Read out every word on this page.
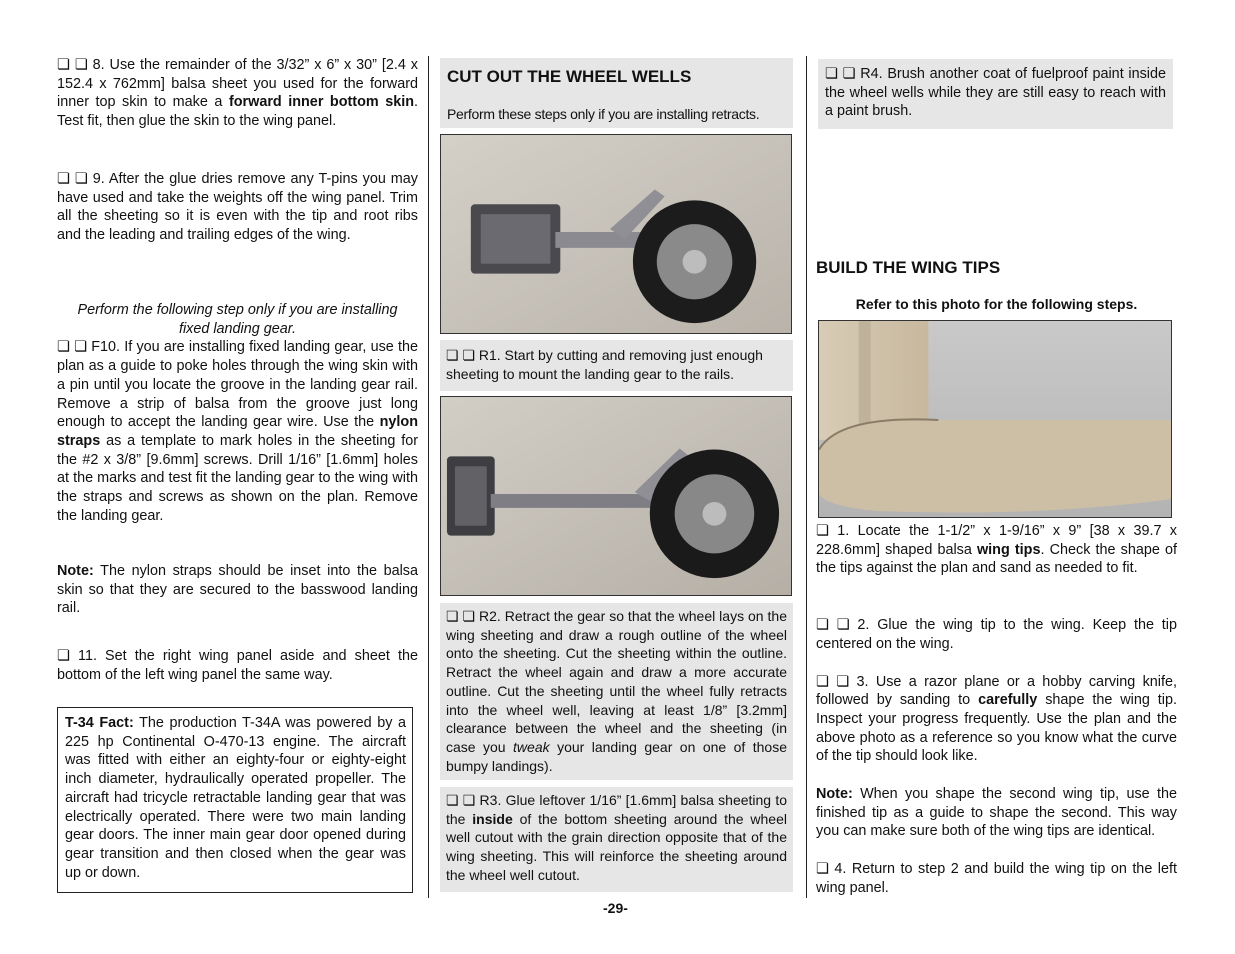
❏ ❏ 8. Use the remainder of the 3/32” x 6” x 30” [2.4 x 152.4 x 762mm] balsa sheet you used for the forward inner top skin to make a forward inner bottom skin. Test fit, then glue the skin to the wing panel.

❏ ❏ 9. After the glue dries remove any T-pins you may have used and take the weights off the wing panel. Trim all the sheeting so it is even with the tip and root ribs and the leading and trailing edges of the wing.

Perform the following step only if you are installing fixed landing gear.

❏ ❏ F10. If you are installing fixed landing gear, use the plan as a guide to poke holes through the wing skin with a pin until you locate the groove in the landing gear rail. Remove a strip of balsa from the groove just long enough to accept the landing gear wire. Use the nylon straps as a template to mark holes in the sheeting for the #2 x 3/8” [9.6mm] screws. Drill 1/16” [1.6mm] holes at the marks and test fit the landing gear to the wing with the straps and screws as shown on the plan. Remove the landing gear.

Note: The nylon straps should be inset into the balsa skin so that they are secured to the basswood landing rail.

❏ 11. Set the right wing panel aside and sheet the bottom of the left wing panel the same way.

T-34 Fact: The production T-34A was powered by a 225 hp Continental O-470-13 engine. The aircraft was fitted with either an eighty-four or eighty-eight inch diameter, hydraulically operated propeller. The aircraft had tricycle retractable landing gear that was electrically operated. There were two main landing gear doors. The inner main gear door opened during gear transition and then closed when the gear was up or down.

CUT OUT THE WHEEL WELLS

Perform these steps only if you are installing retracts.

❏ ❏ R1. Start by cutting and removing just enough sheeting to mount the landing gear to the rails.

❏ ❏ R2. Retract the gear so that the wheel lays on the wing sheeting and draw a rough outline of the wheel onto the sheeting. Cut the sheeting within the outline. Retract the wheel again and draw a more accurate outline. Cut the sheeting until the wheel fully retracts into the wheel well, leaving at least 1/8” [3.2mm] clearance between the wheel and the sheeting (in case you tweak your landing gear on one of those bumpy landings).

❏ ❏ R3. Glue leftover 1/16” [1.6mm] balsa sheeting to the inside of the bottom sheeting around the wheel well cutout with the grain direction opposite that of the wing sheeting. This will reinforce the sheeting around the wheel well cutout.

❏ ❏ R4. Brush another coat of fuelproof paint inside the wheel wells while they are still easy to reach with a paint brush.

BUILD THE WING TIPS

Refer to this photo for the following steps.

❏ 1. Locate the 1-1/2” x 1-9/16” x 9” [38 x 39.7 x 228.6mm] shaped balsa wing tips. Check the shape of the tips against the plan and sand as needed to fit.

❏ ❏ 2. Glue the wing tip to the wing. Keep the tip centered on the wing.

❏ ❏ 3. Use a razor plane or a hobby carving knife, followed by sanding to carefully shape the wing tip. Inspect your progress frequently. Use the plan and the above photo as a reference so you know what the curve of the tip should look like.

Note: When you shape the second wing tip, use the finished tip as a guide to shape the second. This way you can make sure both of the wing tips are identical.

❏ 4. Return to step 2 and build the wing tip on the left wing panel.

-29-
